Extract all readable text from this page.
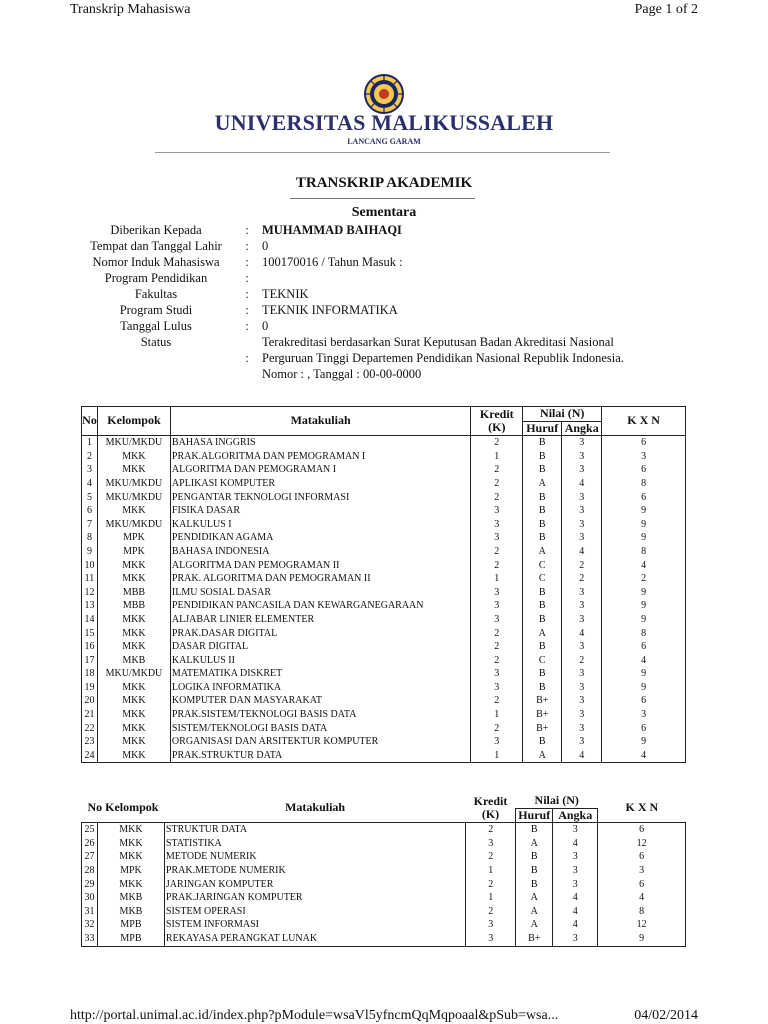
Transkrip Mahasiswa	Page 1 of 2
UNIVERSITAS MALIKUSSALEH
LANCANG GARAM
TRANSKRIP AKADEMIK
Sementara
Diberikan Kepada	:	MUHAMMAD BAIHAQI
Tempat dan Tanggal Lahir	:	0
Nomor Induk Mahasiswa	:	100170016 / Tahun Masuk :
Program Pendidikan	:
Fakultas	:	TEKNIK
Program Studi	:	TEKNIK INFORMATIKA
Tanggal Lulus	:	0
Status	Terakreditasi berdasarkan Surat Keputusan Badan Akreditasi Nasional
:	Perguruan Tinggi Departemen Pendidikan Nasional Republik Indonesia.
Nomor : , Tanggal : 00-00-0000
No	Kelompok	Matakuliah	Kredit
(K)	Nilai (N)		K X N
				Huruf	Angka	
1	MKU/MKDU	BAHASA INGGRIS	2	B	3	6
2	MKK	PRAK.ALGORITMA DAN PEMOGRAMAN I	1	B	3	3
3	MKK	ALGORITMA DAN PEMOGRAMAN I	2	B	3	6
4	MKU/MKDU	APLIKASI KOMPUTER	2	A	4	8
5	MKU/MKDU	PENGANTAR TEKNOLOGI INFORMASI	2	B	3	6
6	MKK	FISIKA DASAR	3	B	3	9
7	MKU/MKDU	KALKULUS I	3	B	3	9
8	MPK	PENDIDIKAN AGAMA	3	B	3	9
9	MPK	BAHASA INDONESIA	2	A	4	8
10	MKK	ALGORITMA DAN PEMOGRAMAN II	2	C	2	4
11	MKK	PRAK. ALGORITMA DAN PEMOGRAMAN II	1	C	2	2
12	MBB	ILMU SOSIAL DASAR	3	B	3	9
13	MBB	PENDIDIKAN PANCASILA DAN KEWARGANEGARAAN	3	B	3	9
14	MKK	ALJABAR LINIER ELEMENTER	3	B	3	9
15	MKK	PRAK.DASAR DIGITAL	2	A	4	8
16	MKK	DASAR DIGITAL	2	B	3	6
17	MKB	KALKULUS II	2	C	2	4
18	MKU/MKDU	MATEMATIKA DISKRET	3	B	3	9
19	MKK	LOGIKA INFORMATIKA	3	B	3	9
20	MKK	KOMPUTER DAN MASYARAKAT	2	B+	3	6
21	MKK	PRAK.SISTEM/TEKNOLOGI BASIS DATA	1	B+	3	3
22	MKK	SISTEM/TEKNOLOGI BASIS DATA	2	B+	3	6
23	MKK	ORGANISASI DAN ARSITEKTUR KOMPUTER	3	B	3	9
24	MKK	PRAK.STRUKTUR DATA	1	A	4	4
No Kelompok		Matakuliah	Kredit
(K)	Nilai (N)		K X N
				Huruf	Angka	
25	MKK	STRUKTUR DATA	2	B	3	6
26	MKK	STATISTIKA	3	A	4	12
27	MKK	METODE NUMERIK	2	B	3	6
28	MPK	PRAK.METODE NUMERIK	1	B	3	3
29	MKK	JARINGAN KOMPUTER	2	B	3	6
30	MKB	PRAK.JARINGAN KOMPUTER	1	A	4	4
31	MKB	SISTEM OPERASI	2	A	4	8
32	MPB	SISTEM INFORMASI	3	A	4	12
33	MPB	REKAYASA PERANGKAT LUNAK	3	B+	3	9
http://portal.unimal.ac.id/index.php?pModule=wsaVl5yfncmQqMqpoaal&pSub=wsa...	04/02/2014
